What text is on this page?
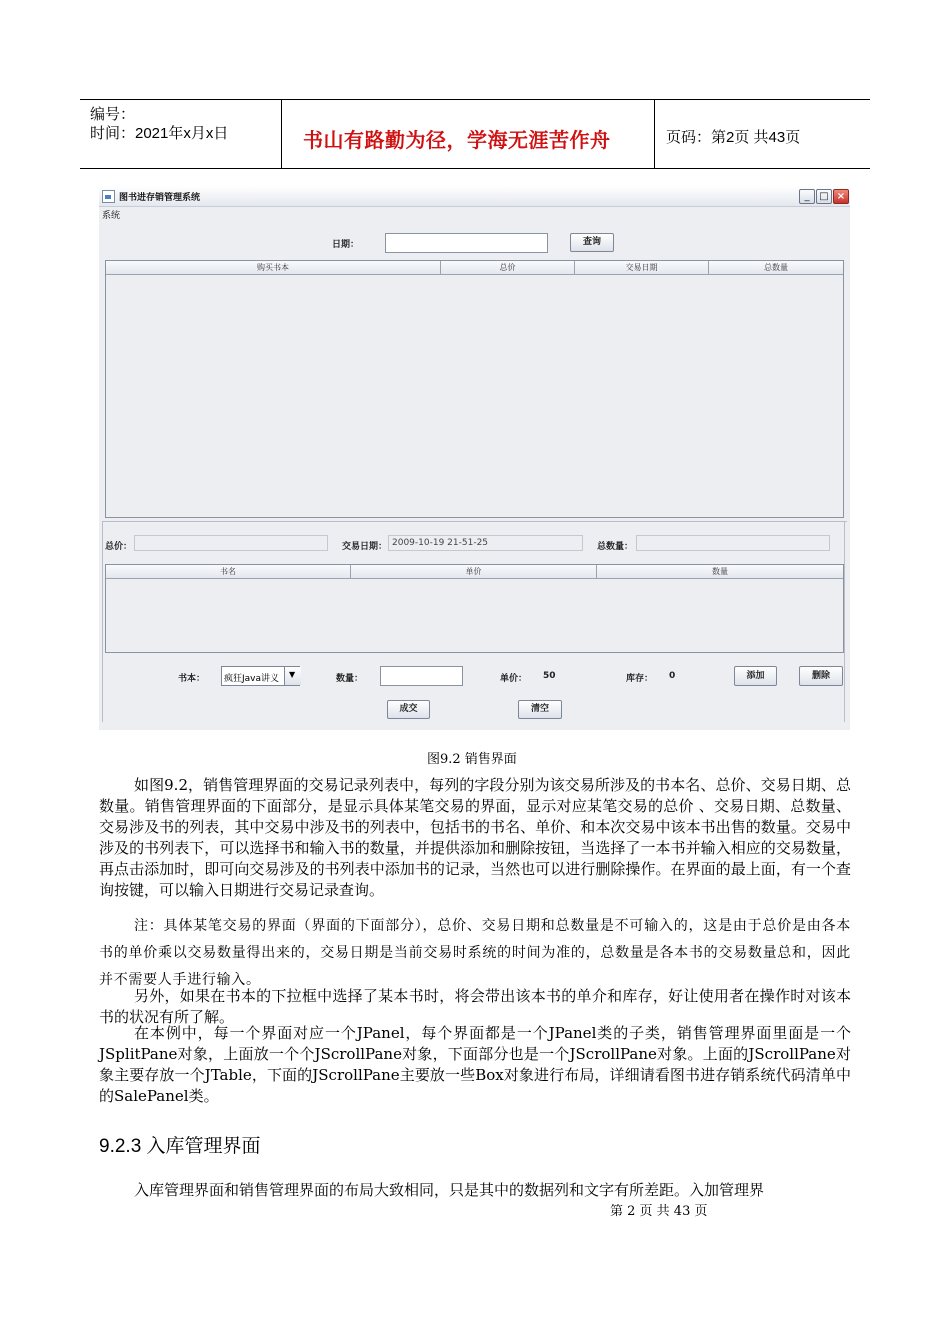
编号：
时间：2021年x月x日	书山有路勤为径，学海无涯苦作舟	页码：第2页 共43页
图书进存销管理系统	_ □ ×
系统
日期：	查询
购买书本	总价	交易日期	总数量
总价：	交易日期： 2009-10-19 21-51-25	总数量：
书名	单价	数量
书本： 疯狂Java讲义 ▼	数量：	单价： 50	库存： 0	添加	删除
成交	清空
图9.2 销售界面

如图9.2，销售管理界面的交易记录列表中，每列的字段分别为该交易所涉及的书本名、总价、交易日期、总数量。销售管理界面的下面部分，是显示具体某笔交易的界面，显示对应某笔交易的总价 、交易日期、总数量、交易涉及书的列表，其中交易中涉及书的列表中，包括书的书名、单价、和本次交易中该本书出售的数量。交易中涉及的书列表下，可以选择书和输入书的数量，并提供添加和删除按钮，当选择了一本书并输入相应的交易数量，再点击添加时，即可向交易涉及的书列表中添加书的记录，当然也可以进行删除操作。在界面的最上面，有一个查询按键，可以输入日期进行交易记录查询。

注：具体某笔交易的界面（界面的下面部分），总价、交易日期和总数量是不可输入的，这是由于总价是由各本书的单价乘以交易数量得出来的，交易日期是当前交易时系统的时间为准的，总数量是各本书的交易数量总和，因此并不需要人手进行输入。

另外，如果在书本的下拉框中选择了某本书时，将会带出该本书的单介和库存，好让使用者在操作时对该本书的状况有所了解。

在本例中，每一个界面对应一个JPanel，每个界面都是一个JPanel类的子类，销售管理界面里面是一个JSplitPane对象，上面放一个个JScrollPane对象，下面部分也是一个JScrollPane对象。上面的JScrollPane对象主要存放一个JTable，下面的JScrollPane主要放一些Box对象进行布局，详细请看图书进存销系统代码清单中的SalePanel类。

9.2.3 入库管理界面

入库管理界面和销售管理界面的布局大致相同，只是其中的数据列和文字有所差距。入加管理界

第 2 页 共 43 页
